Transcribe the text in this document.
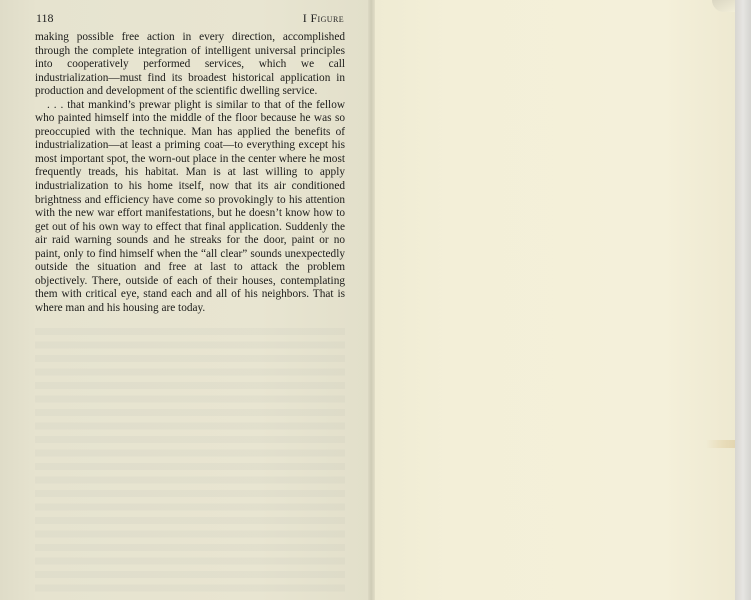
118	I Figure

making possible free action in every direction, accomplished through the complete integration of intelligent universal principles into cooperatively performed services, which we call industrialization—must find its broadest historical application in production and development of the scientific dwelling service.

. . . that mankind’s prewar plight is similar to that of the fellow who painted himself into the middle of the floor because he was so preoccupied with the technique. Man has applied the benefits of industrialization—at least a priming coat—to everything except his most important spot, the worn-out place in the center where he most frequently treads, his habitat. Man is at last willing to apply industrialization to his home itself, now that its air conditioned brightness and efficiency have come so provokingly to his attention with the new war effort manifestations, but he doesn’t know how to get out of his own way to effect that final application. Suddenly the air raid warning sounds and he streaks for the door, paint or no paint, only to find himself when the “all clear” sounds unexpectedly outside the situation and free at last to attack the problem objectively. There, outside of each of their houses, contemplating them with critical eye, stand each and all of his neighbors. That is where man and his housing are today.
